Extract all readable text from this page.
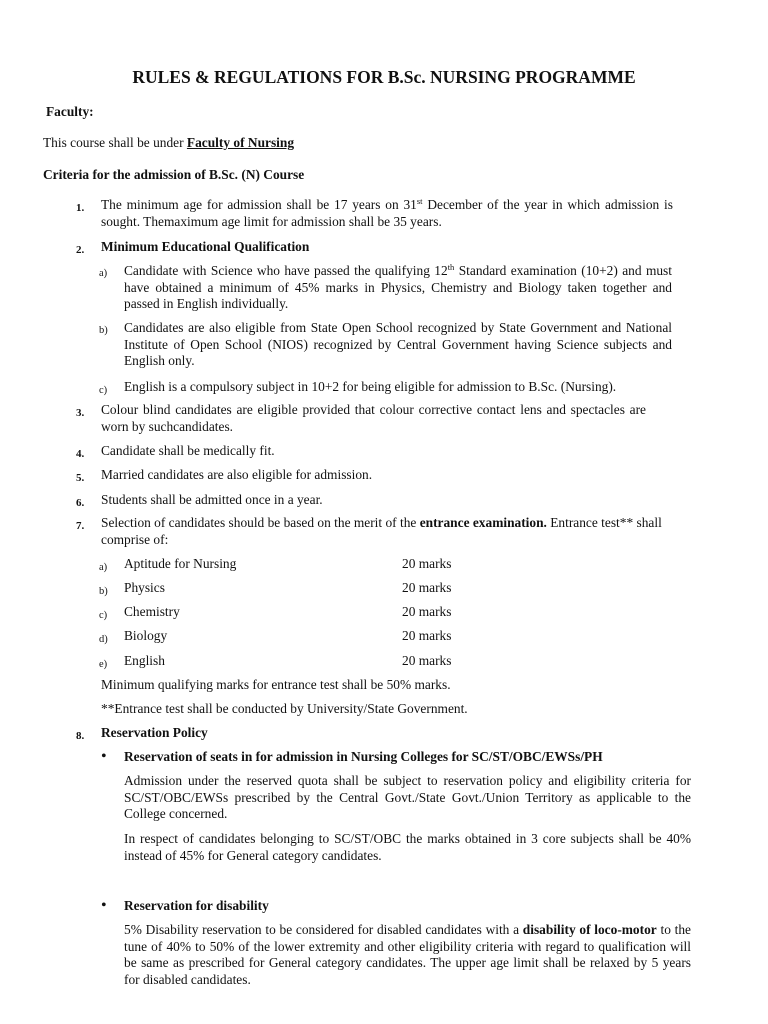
RULES & REGULATIONS FOR B.Sc. NURSING PROGRAMME
Faculty:
This course shall be under Faculty of Nursing
Criteria for the admission of B.Sc. (N) Course
1. The minimum age for admission shall be 17 years on 31st December of the year in which admission is sought. Themaximum age limit for admission shall be 35 years.
2. Minimum Educational Qualification
a) Candidate with Science who have passed the qualifying 12th Standard examination (10+2) and must have obtained a minimum of 45% marks in Physics, Chemistry and Biology taken together and passed in English individually.
b) Candidates are also eligible from State Open School recognized by State Government and National Institute of Open School (NIOS) recognized by Central Government having Science subjects and English only.
c) English is a compulsory subject in 10+2 for being eligible for admission to B.Sc. (Nursing).
3. Colour blind candidates are eligible provided that colour corrective contact lens and spectacles are worn by suchcandidates.
4. Candidate shall be medically fit.
5. Married candidates are also eligible for admission.
6. Students shall be admitted once in a year.
7. Selection of candidates should be based on the merit of the entrance examination. Entrance test** shall comprise of:
a) Aptitude for Nursing	20 marks
b) Physics	20 marks
c) Chemistry	20 marks
d) Biology	20 marks
e) English	20 marks
Minimum qualifying marks for entrance test shall be 50% marks.
**Entrance test shall be conducted by University/State Government.
8. Reservation Policy
• Reservation of seats in for admission in Nursing Colleges for SC/ST/OBC/EWSs/PH
Admission under the reserved quota shall be subject to reservation policy and eligibility criteria for SC/ST/OBC/EWSs prescribed by the Central Govt./State Govt./Union Territory as applicable to the College concerned.
In respect of candidates belonging to SC/ST/OBC the marks obtained in 3 core subjects shall be 40% instead of 45% for General category candidates.
• Reservation for disability
5% Disability reservation to be considered for disabled candidates with a disability of loco-motor to the tune of 40% to 50% of the lower extremity and other eligibility criteria with regard to qualification will be same as prescribed for General category candidates. The upper age limit shall be relaxed by 5 years for disabled candidates.
